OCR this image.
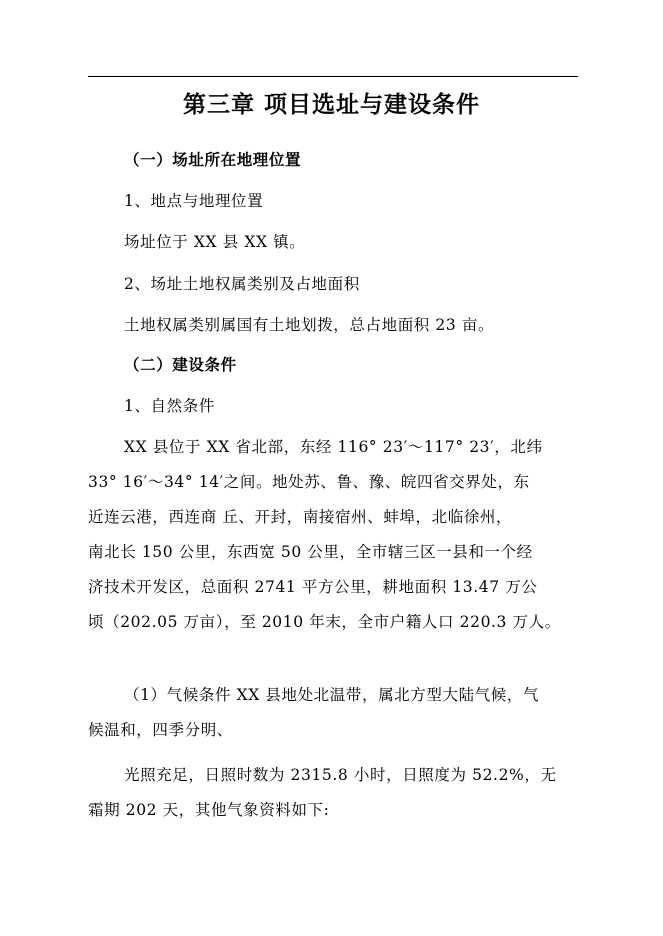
第三章 项目选址与建设条件
（一）场址所在地理位置
1、地点与地理位置
场址位于 XX 县 XX 镇。
2、场址土地权属类别及占地面积
土地权属类别属国有土地划拨，总占地面积 23 亩。
（二）建设条件
1、自然条件
XX 县位于 XX 省北部，东经 116° 23′～117° 23′，北纬
33° 16′～34° 14′之间。地处苏、鲁、豫、皖四省交界处，东
近连云港，西连商 丘、开封，南接宿州、蚌埠，北临徐州，
南北长 150 公里，东西宽 50 公里，全市辖三区一县和一个经
济技术开发区，总面积 2741 平方公里，耕地面积 13.47 万公
顷（202.05 万亩），至 2010 年末，全市户籍人口 220.3 万人。
（1）气候条件 XX 县地处北温带，属北方型大陆气候，气
候温和，四季分明、
光照充足，日照时数为 2315.8 小时，日照度为 52.2%，无
霜期 202 天，其他气象资料如下:
